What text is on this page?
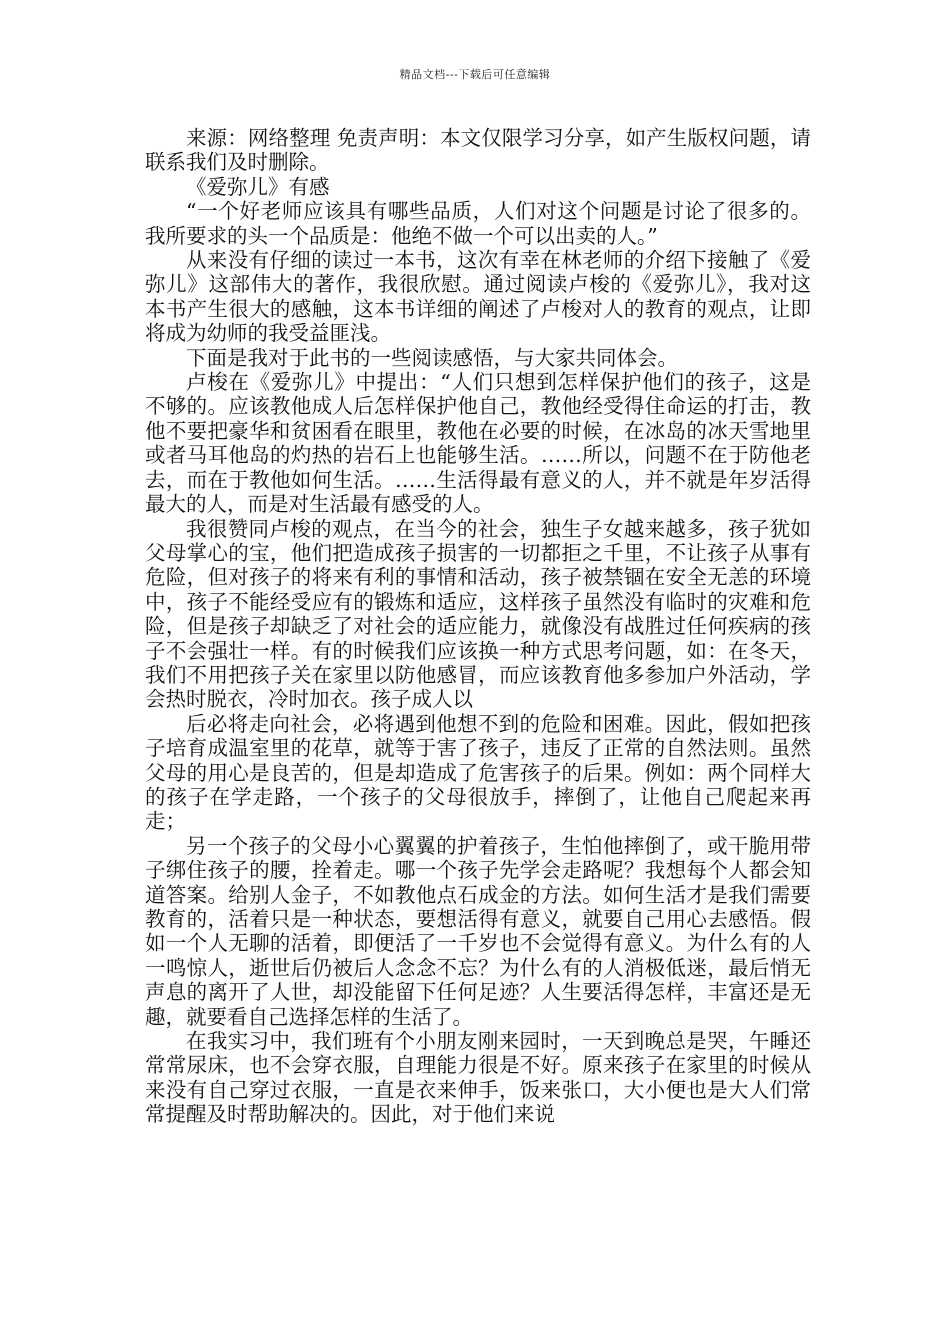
精品文档---下载后可任意编辑

来源：网络整理 免责声明：本文仅限学习分享，如产生版权问题，请联系我们及时删除。

《爱弥儿》有感

“一个好老师应该具有哪些品质，人们对这个问题是讨论了很多的。我所要求的头一个品质是：他绝不做一个可以出卖的人。”

从来没有仔细的读过一本书，这次有幸在林老师的介绍下接触了《爱弥儿》这部伟大的著作，我很欣慰。通过阅读卢梭的《爱弥儿》，我对这本书产生很大的感触，这本书详细的阐述了卢梭对人的教育的观点，让即将成为幼师的我受益匪浅。

下面是我对于此书的一些阅读感悟，与大家共同体会。

卢梭在《爱弥儿》中提出：“人们只想到怎样保护他们的孩子，这是不够的。应该教他成人后怎样保护他自己，教他经受得住命运的打击，教他不要把豪华和贫困看在眼里，教他在必要的时候，在冰岛的冰天雪地里或者马耳他岛的灼热的岩石上也能够生活。……所以，问题不在于防他老去，而在于教他如何生活。……生活得最有意义的人，并不就是年岁活得最大的人，而是对生活最有感受的人。

我很赞同卢梭的观点，在当今的社会，独生子女越来越多，孩子犹如父母掌心的宝，他们把造成孩子损害的一切都拒之千里，不让孩子从事有危险，但对孩子的将来有利的事情和活动，孩子被禁锢在安全无恙的环境中，孩子不能经受应有的锻炼和适应，这样孩子虽然没有临时的灾难和危险，但是孩子却缺乏了对社会的适应能力，就像没有战胜过任何疾病的孩子不会强壮一样。有的时候我们应该换一种方式思考问题，如：在冬天，我们不用把孩子关在家里以防他感冒，而应该教育他多参加户外活动，学会热时脱衣，冷时加衣。孩子成人以

后必将走向社会，必将遇到他想不到的危险和困难。因此，假如把孩子培育成温室里的花草，就等于害了孩子，违反了正常的自然法则。虽然父母的用心是良苦的，但是却造成了危害孩子的后果。例如：两个同样大的孩子在学走路，一个孩子的父母很放手，摔倒了，让他自己爬起来再走；

另一个孩子的父母小心翼翼的护着孩子，生怕他摔倒了，或干脆用带子绑住孩子的腰，拴着走。哪一个孩子先学会走路呢？我想每个人都会知道答案。给别人金子，不如教他点石成金的方法。如何生活才是我们需要教育的，活着只是一种状态，要想活得有意义，就要自己用心去感悟。假如一个人无聊的活着，即便活了一千岁也不会觉得有意义。为什么有的人一鸣惊人，逝世后仍被后人念念不忘？为什么有的人消极低迷，最后悄无声息的离开了人世，却没能留下任何足迹？人生要活得怎样，丰富还是无趣，就要看自己选择怎样的生活了。

在我实习中，我们班有个小朋友刚来园时，一天到晚总是哭，午睡还常常尿床，也不会穿衣服，自理能力很是不好。原来孩子在家里的时候从来没有自己穿过衣服，一直是衣来伸手，饭来张口，大小便也是大人们常常提醒及时帮助解决的。因此，对于他们来说
